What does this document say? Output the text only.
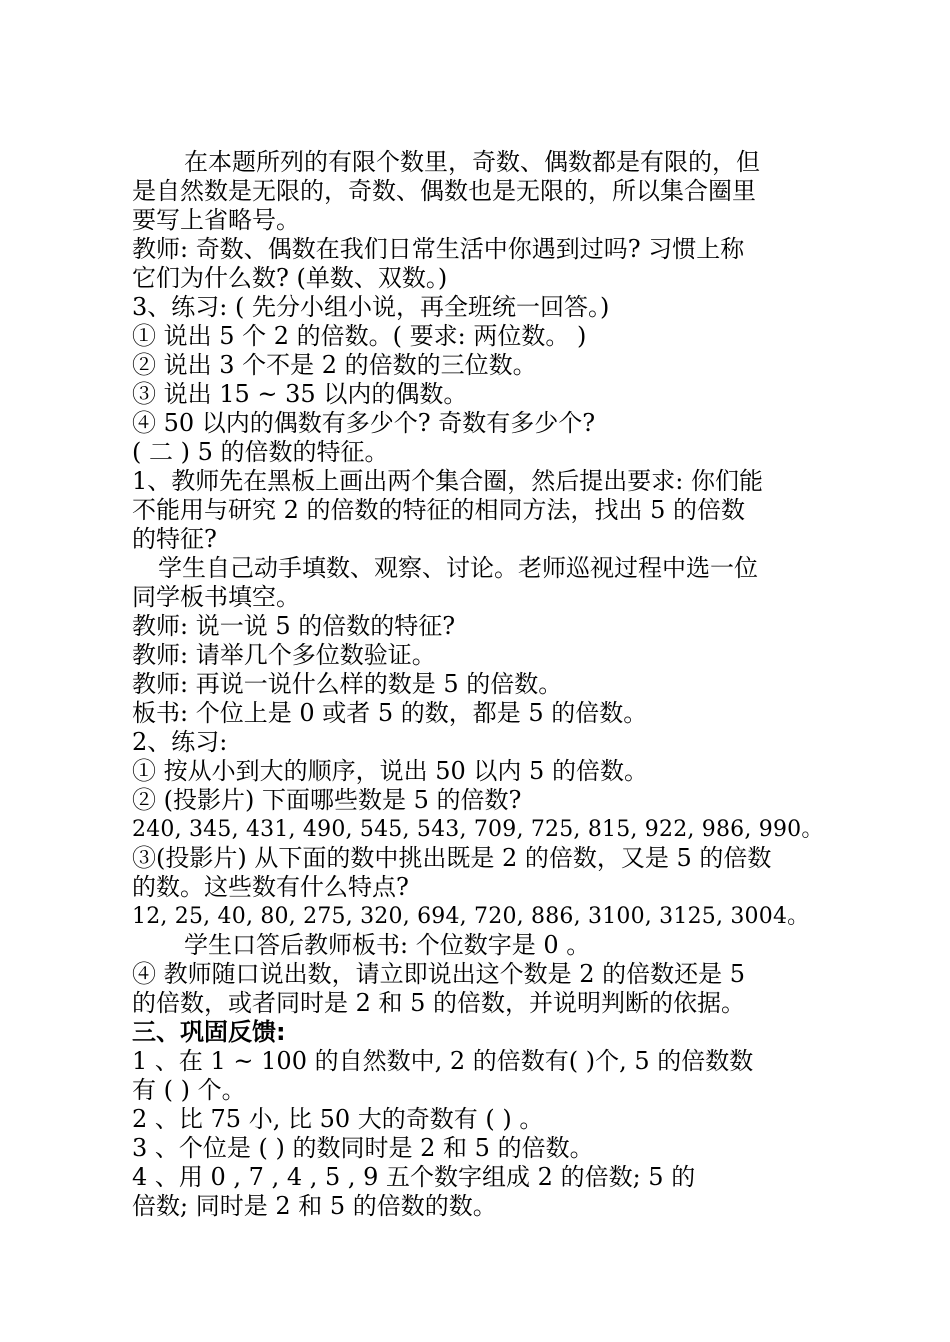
在本题所列的有限个数里，奇数、偶数都是有限的，但
是自然数是无限的，奇数、偶数也是无限的，所以集合圈里
要写上省略号。
教师: 奇数、偶数在我们日常生活中你遇到过吗? 习惯上称
它们为什么数? (单数、双数。)
3、练习: ( 先分小组小说，再全班统一回答。)
① 说出 5 个 2 的倍数。( 要求: 两位数。 )
② 说出 3 个不是 2 的倍数的三位数。
③ 说出 15 ~ 35 以内的偶数。
④ 50 以内的偶数有多少个? 奇数有多少个?
( 二 ) 5 的倍数的特征。
1、教师先在黑板上画出两个集合圈，然后提出要求: 你们能
不能用与研究 2 的倍数的特征的相同方法，找出 5 的倍数
的特征?
学生自己动手填数、观察、讨论。老师巡视过程中选一位
同学板书填空。
教师: 说一说 5 的倍数的特征?
教师: 请举几个多位数验证。
教师: 再说一说什么样的数是 5 的倍数。
板书: 个位上是 0 或者 5 的数，都是 5 的倍数。
2、练习:
① 按从小到大的顺序，说出 50 以内 5 的倍数。
② (投影片) 下面哪些数是 5 的倍数?
240, 345, 431, 490, 545, 543, 709, 725, 815, 922, 986, 990。
③(投影片) 从下面的数中挑出既是 2 的倍数，又是 5 的倍数
的数。这些数有什么特点?
12, 25, 40, 80, 275, 320, 694, 720, 886, 3100, 3125, 3004。
学生口答后教师板书: 个位数字是 0 。
④ 教师随口说出数，请立即说出这个数是 2 的倍数还是 5
的倍数，或者同时是 2 和 5 的倍数，并说明判断的依据。
三、巩固反馈:
1 、在 1 ~ 100 的自然数中, 2 的倍数有( )个, 5 的倍数数
有 ( ) 个。
2 、比 75 小, 比 50 大的奇数有 ( ) 。
3 、个位是 ( ) 的数同时是 2 和 5 的倍数。
4 、用 0 , 7 , 4 , 5 , 9 五个数字组成 2 的倍数; 5 的
倍数; 同时是 2 和 5 的倍数的数。
